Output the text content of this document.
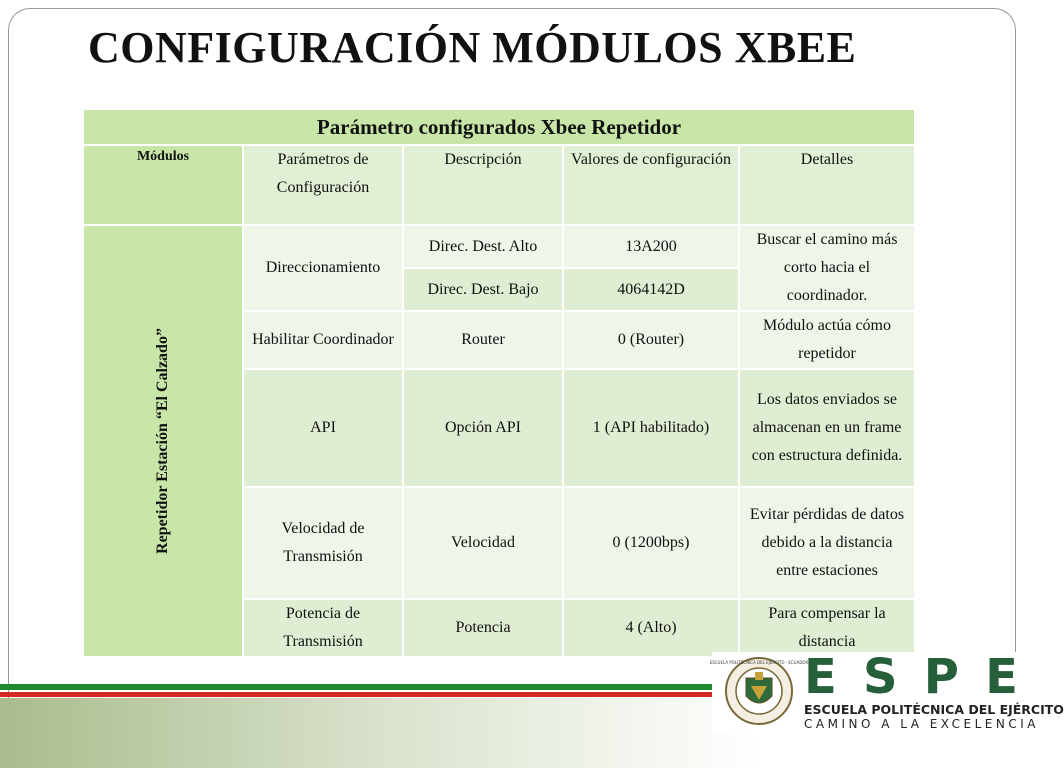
CONFIGURACIÓN MÓDULOS XBEE
Parámetro configurados Xbee Repetidor				
Módulos	Parámetros de Configuración	Descripción	Valores de configuración	Detalles

Repetidor Estación “El Calzado”	Direccionamiento	Direc. Dest. Alto	13A200	Buscar el camino más corto hacia el coordinador.
		Direc. Dest. Bajo	4064142D	
	Habilitar Coordinador	Router	0 (Router)	Módulo actúa cómo repetidor
	API	Opción API	1 (API habilitado)	Los datos enviados se almacenan en un frame con estructura definida.
	Velocidad de Transmisión	Velocidad	0 (1200bps)	Evitar pérdidas de datos debido a la distancia entre estaciones
	Potencia de Transmisión	Potencia	4 (Alto)	Para compensar la distancia
ESCUELA POLITÉCNICA DEL EJÉRCITO · ECUADOR
E S P E
ESCUELA POLITÉCNICA DEL EJÉRCITO
CAMINO A LA EXCELENCIA
